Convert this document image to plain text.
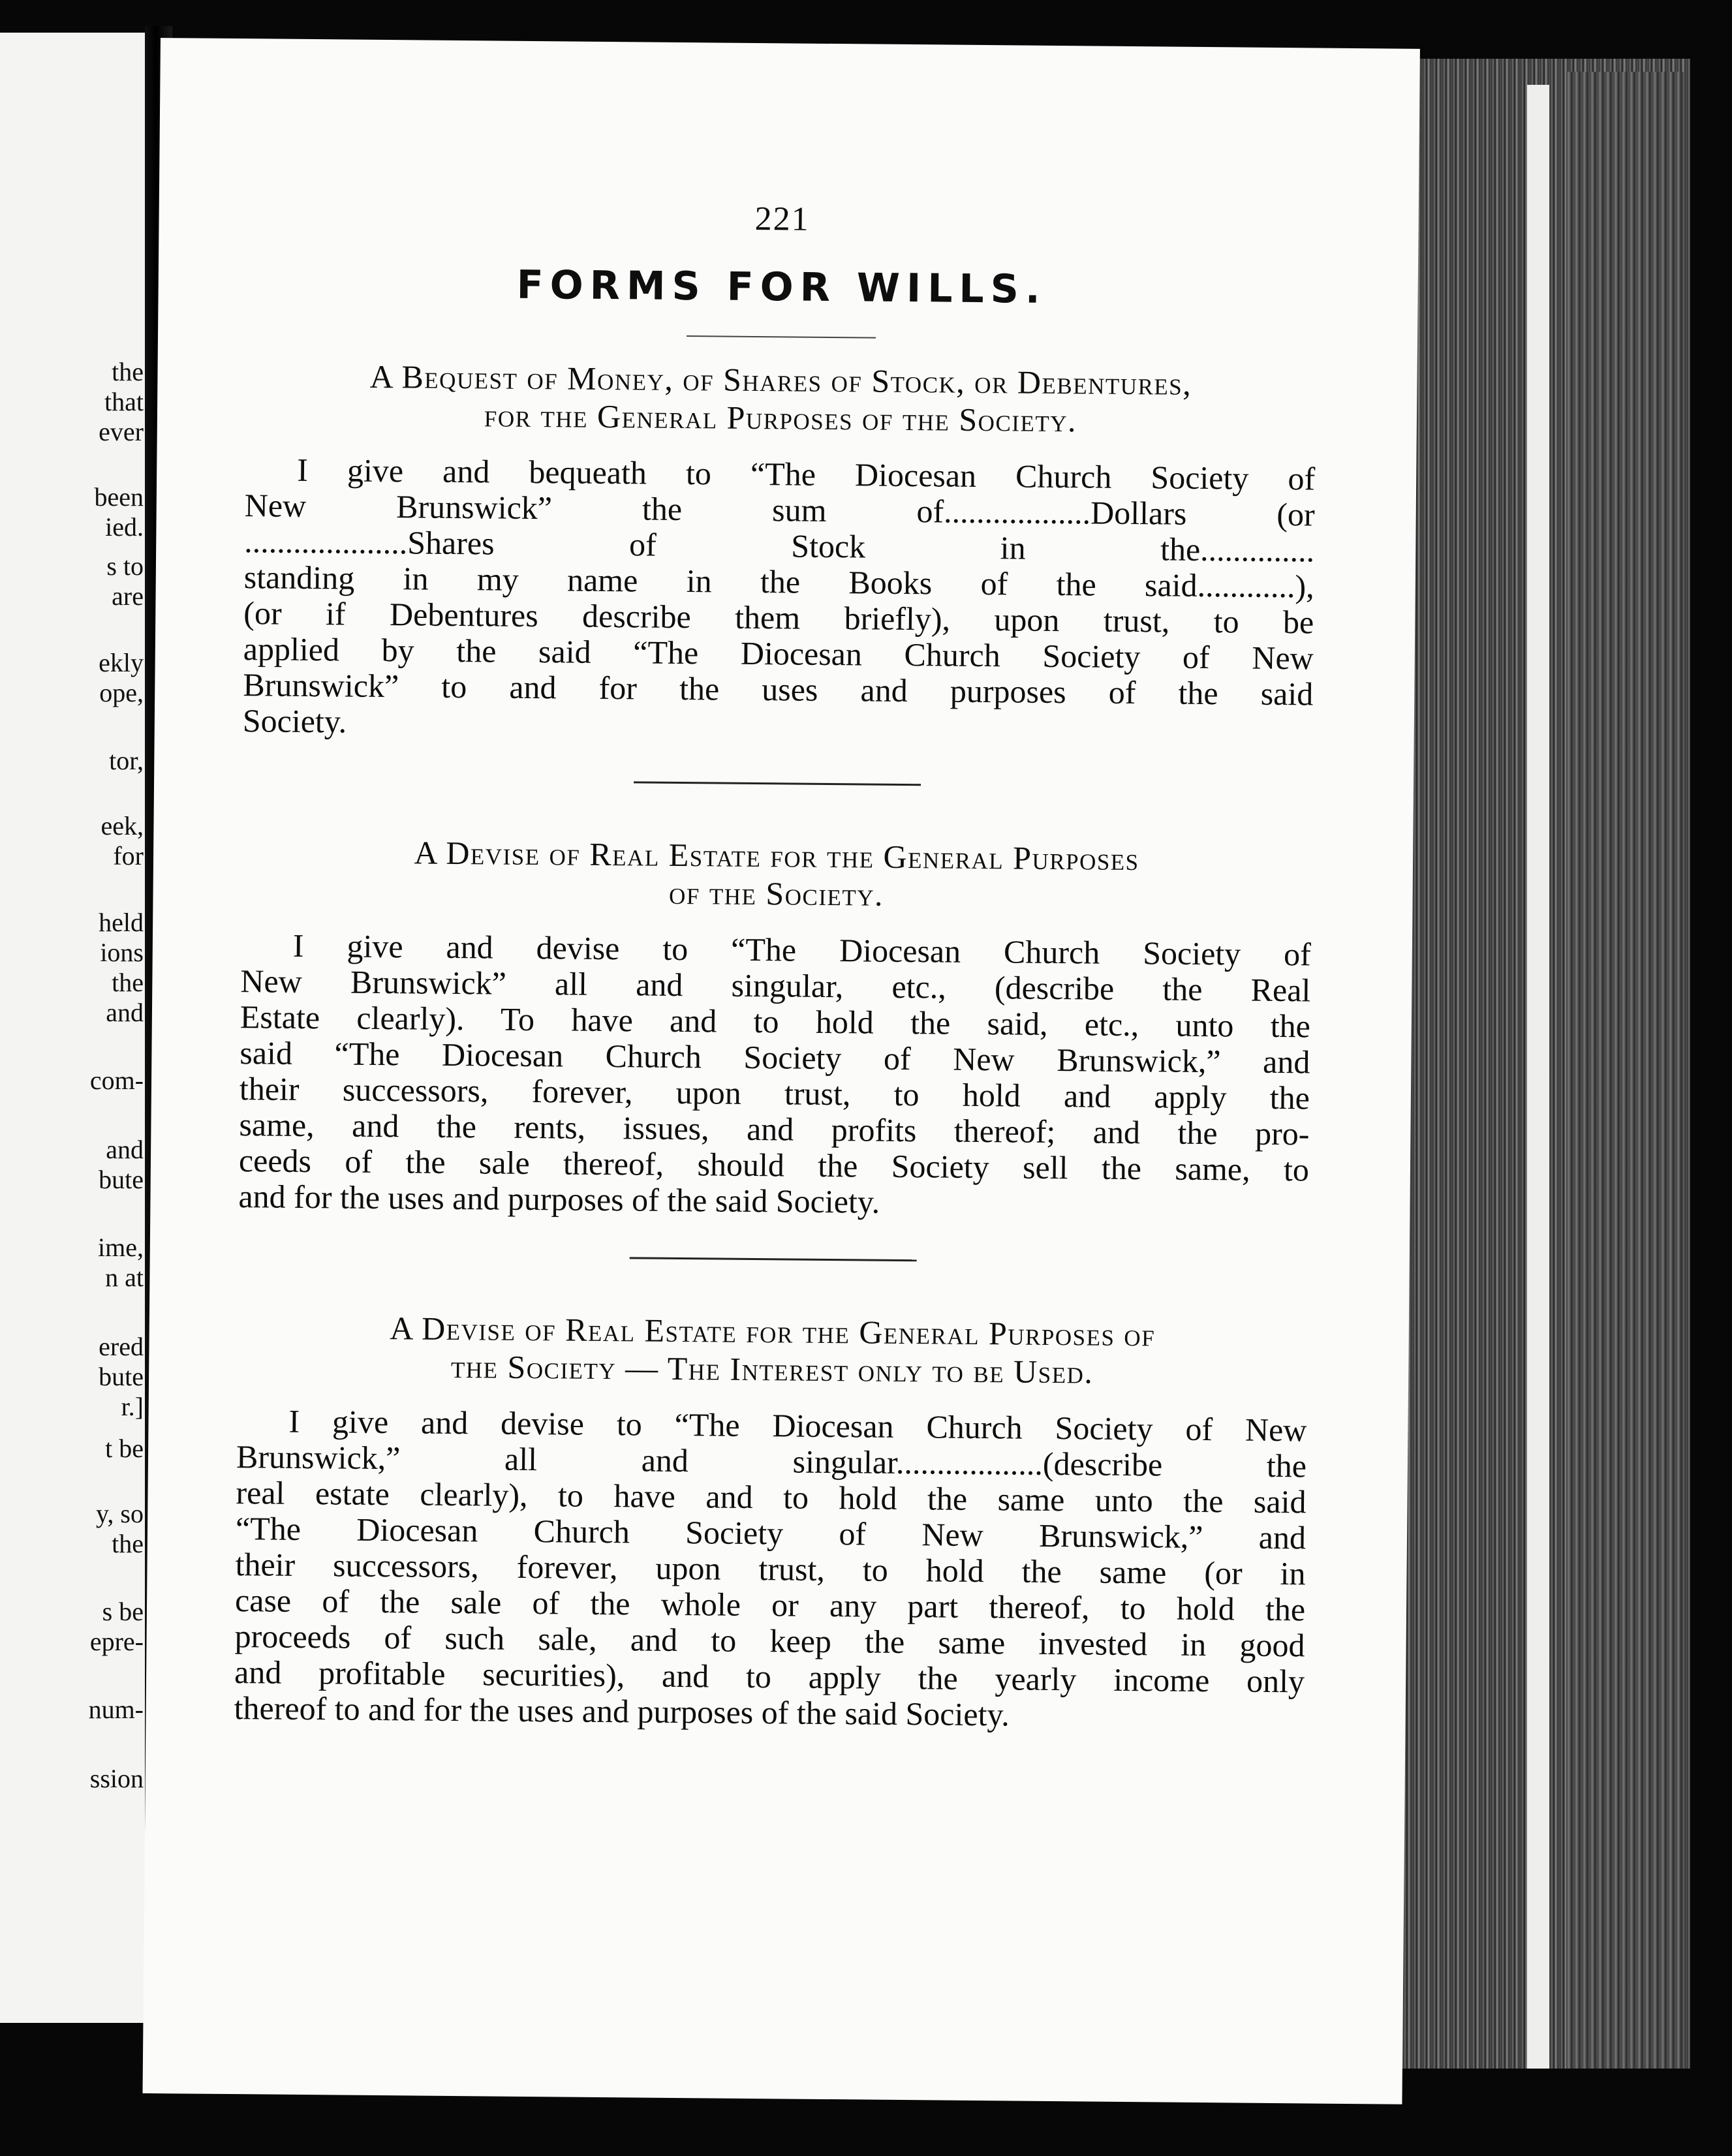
the
that
ever
been
ied.
s to
are
ekly
ope,
tor,
eek,
for
held
ions
the
and
com-
and
bute
ime,
n at
ered
bute
r.]
t be
y, so
the
s be
epre-
num-
ssion
221
FORMS FOR WILLS.
A Bequest of Money, of Shares of Stock, or Debentures,
for the General Purposes of the Society.

I give and bequeath to “The Diocesan Church Society of
New Brunswick” the sum of..................Dollars (or
....................Shares of Stock in the..............
standing in my name in the Books of the said............),
(or if Debentures describe them briefly), upon trust, to be
applied by the said “The Diocesan Church Society of New
Brunswick” to and for the uses and purposes of the said
Society.

A Devise of Real Estate for the General Purposes
of the Society.

I give and devise to “The Diocesan Church Society of
New Brunswick” all and singular, etc., (describe the Real
Estate clearly). To have and to hold the said, etc., unto the
said “The Diocesan Church Society of New Brunswick,” and
their successors, forever, upon trust, to hold and apply the
same, and the rents, issues, and profits thereof; and the pro-
ceeds of the sale thereof, should the Society sell the same, to
and for the uses and purposes of the said Society.

A Devise of Real Estate for the General Purposes of
the Society — The Interest only to be Used.

I give and devise to “The Diocesan Church Society of New
Brunswick,” all and singular..................(describe the
real estate clearly), to have and to hold the same unto the said
“The Diocesan Church Society of New Brunswick,” and
their successors, forever, upon trust, to hold the same (or in
case of the sale of the whole or any part thereof, to hold the
proceeds of such sale, and to keep the same invested in good
and profitable securities), and to apply the yearly income only
thereof to and for the uses and purposes of the said Society.
